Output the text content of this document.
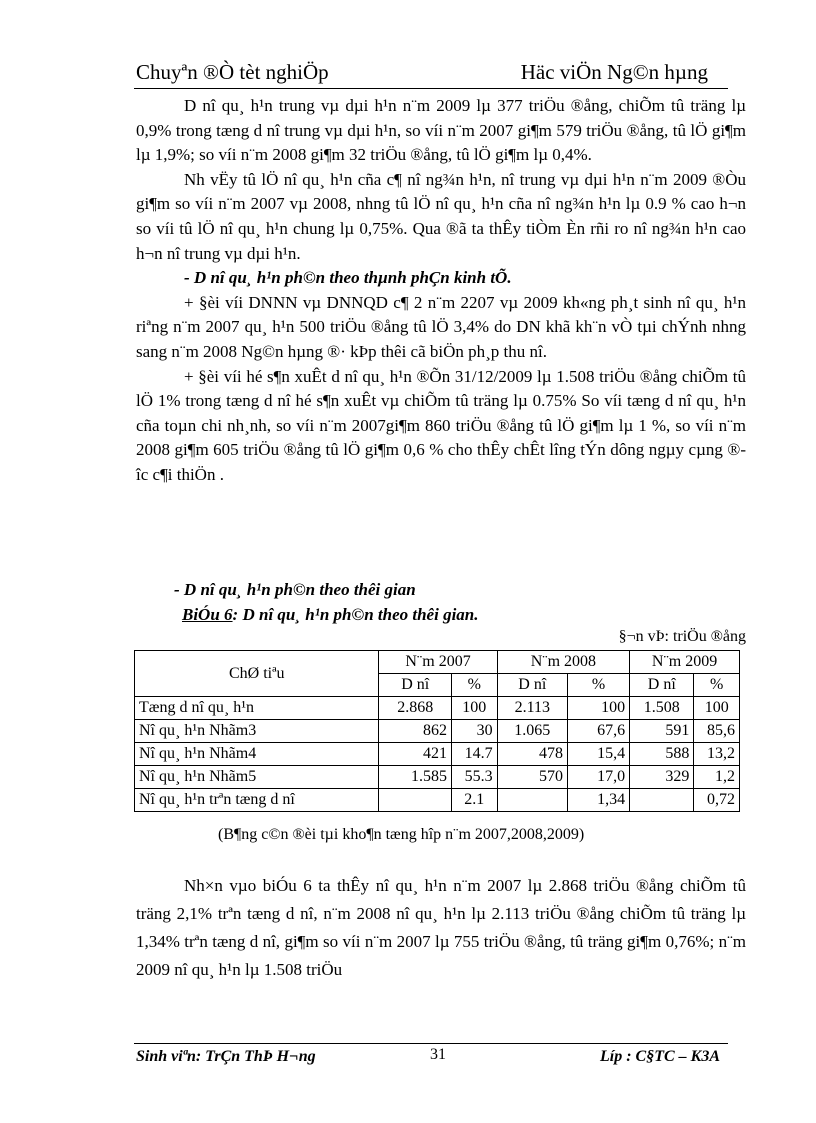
Chuyªn ®Ò tèt nghiÖp	Häc viÖn Ng©n hµng

D nî qu¸ h¹n trung vµ dµi h¹n n¨m 2009 lµ 377 triÖu ®ång, chiÕm tû träng lµ 0,9% trong tæng d nî trung vµ dµi h¹n, so víi n¨m 2007 gi¶m 579 triÖu ®ång, tû lÖ gi¶m lµ 1,9%; so víi n¨m 2008 gi¶m 32 triÖu ®ång, tû lÖ gi¶m lµ 0,4%.

Nh vËy tû lÖ nî qu¸ h¹n cña c¶ nî ng¾n h¹n, nî trung vµ dµi h¹n n¨m 2009 ®Òu gi¶m so víi n¨m 2007 vµ 2008, nhng tû lÖ nî qu¸ h¹n cña nî ng¾n h¹n lµ 0.9 % cao h¬n so víi tû lÖ nî qu¸ h¹n chung lµ 0,75%. Qua ®ã ta thÊy tiÒm Èn rñi ro nî ng¾n h¹n cao h¬n nî trung vµ dµi h¹n.

- D nî qu¸ h¹n ph©n theo thµnh phÇn kinh tÕ.

+ §èi víi DNNN vµ DNNQD c¶ 2 n¨m 2207 vµ 2009 kh«ng ph¸t sinh nî qu¸ h¹n riªng n¨m 2007 qu¸ h¹n 500 triÖu ®ång tû lÖ 3,4% do DN khã kh¨n vÒ tµi chÝnh nhng sang n¨m 2008 Ng©n hµng ®· kÞp thêi cã biÖn ph¸p thu nî.

+ §èi víi hé s¶n xuÊt d nî qu¸ h¹n ®Õn 31/12/2009 lµ 1.508 triÖu ®ång chiÕm tû lÖ 1% trong tæng d nî hé s¶n xuÊt vµ chiÕm tû träng lµ 0.75% So víi tæng d nî qu¸ h¹n cña toµn chi nh¸nh, so víi n¨m 2007gi¶m 860 triÖu ®ång tû lÖ gi¶m lµ 1 %, so víi n¨m 2008 gi¶m 605 triÖu ®ång tû lÖ gi¶m 0,6 % cho thÊy chÊt lîng tÝn dông ngµy cµng ®îc c¶i thiÖn .

- D nî qu¸ h¹n ph©n theo thêi gian

BiÓu 6: D nî qu¸ h¹n ph©n theo thêi gian.

§¬n vÞ: triÖu ®ång
ChØ tiªu	N¨m 2007		N¨m 2008		N¨m 2009	
	D nî	%	D nî	%	D nî	%
Tæng d nî qu¸ h¹n	2.868	100	2.113	100	1.508	100
Nî qu¸ h¹n Nhãm3	862	30	1.065	67,6	591	85,6
Nî qu¸ h¹n Nhãm4	421	14.7	478	15,4	588	13,2
Nî qu¸ h¹n Nhãm5	1.585	55.3	570	17,0	329	1,2
Nî qu¸ h¹n trªn tæng d nî		2.1		1,34		0,72
(B¶ng c©n ®èi tµi kho¶n tæng hîp n¨m 2007,2008,2009)

Nh×n vµo biÓu 6 ta thÊy nî qu¸ h¹n n¨m 2007 lµ 2.868 triÖu ®ång chiÕm tû träng 2,1% trªn tæng d nî, n¨m 2008 nî qu¸ h¹n lµ 2.113 triÖu ®ång chiÕm tû träng lµ 1,34% trªn tæng d nî, gi¶m so víi n¨m 2007 lµ 755 triÖu ®ång, tû träng gi¶m 0,76%; n¨m 2009 nî qu¸ h¹n lµ 1.508 triÖu

Sinh viªn: TrÇn ThÞ H¬ng	31	Líp : C§TC – K3A
